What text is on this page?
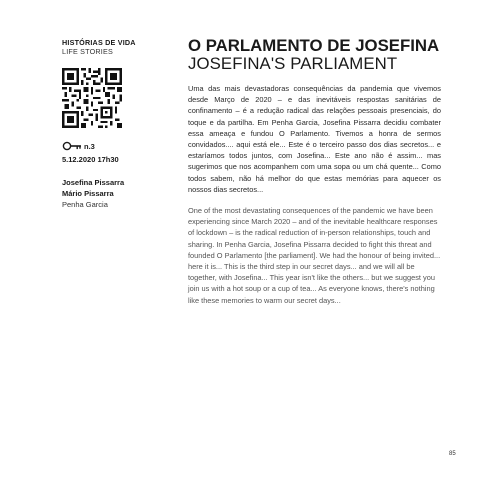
HISTÓRIAS DE VIDA
LIFE STORIES
n.3
5.12.2020 17h30
Josefina Pissarra
Mário Pissarra
Penha Garcia
O PARLAMENTO DE JOSEFINA
JOSEFINA'S PARLIAMENT

Uma das mais devastadoras consequências da pandemia que vivemos desde Março de 2020 – e das inevitáveis respostas sanitárias de confinamento – é a redução radical das relações pessoais presenciais, do toque e da partilha. Em Penha Garcia, Josefina Pissarra decidiu combater essa ameaça e fundou O Parlamento. Tivemos a honra de sermos convidados.... aqui está ele... Este é o terceiro passo dos dias secretos... e estaríamos todos juntos, com Josefina... Este ano não é assim... mas sugerimos que nos acompanhem com uma sopa ou um chá quente... Como todos sabem, não há melhor do que estas memórias para aquecer os nossos dias secretos...

One of the most devastating consequences of the pandemic we have been experiencing since March 2020 – and of the inevitable healthcare responses of lockdown – is the radical reduction of in-person relationships, touch and sharing. In Penha Garcia, Josefina Pissarra decided to fight this threat and founded O Parlamento [the parliament]. We had the honour of being invited... here it is... This is the third step in our secret days... and we will all be together, with Josefina... This year isn't like the others... but we suggest you join us with a hot soup or a cup of tea... As everyone knows, there's nothing like these memories to warm our secret days...

85
